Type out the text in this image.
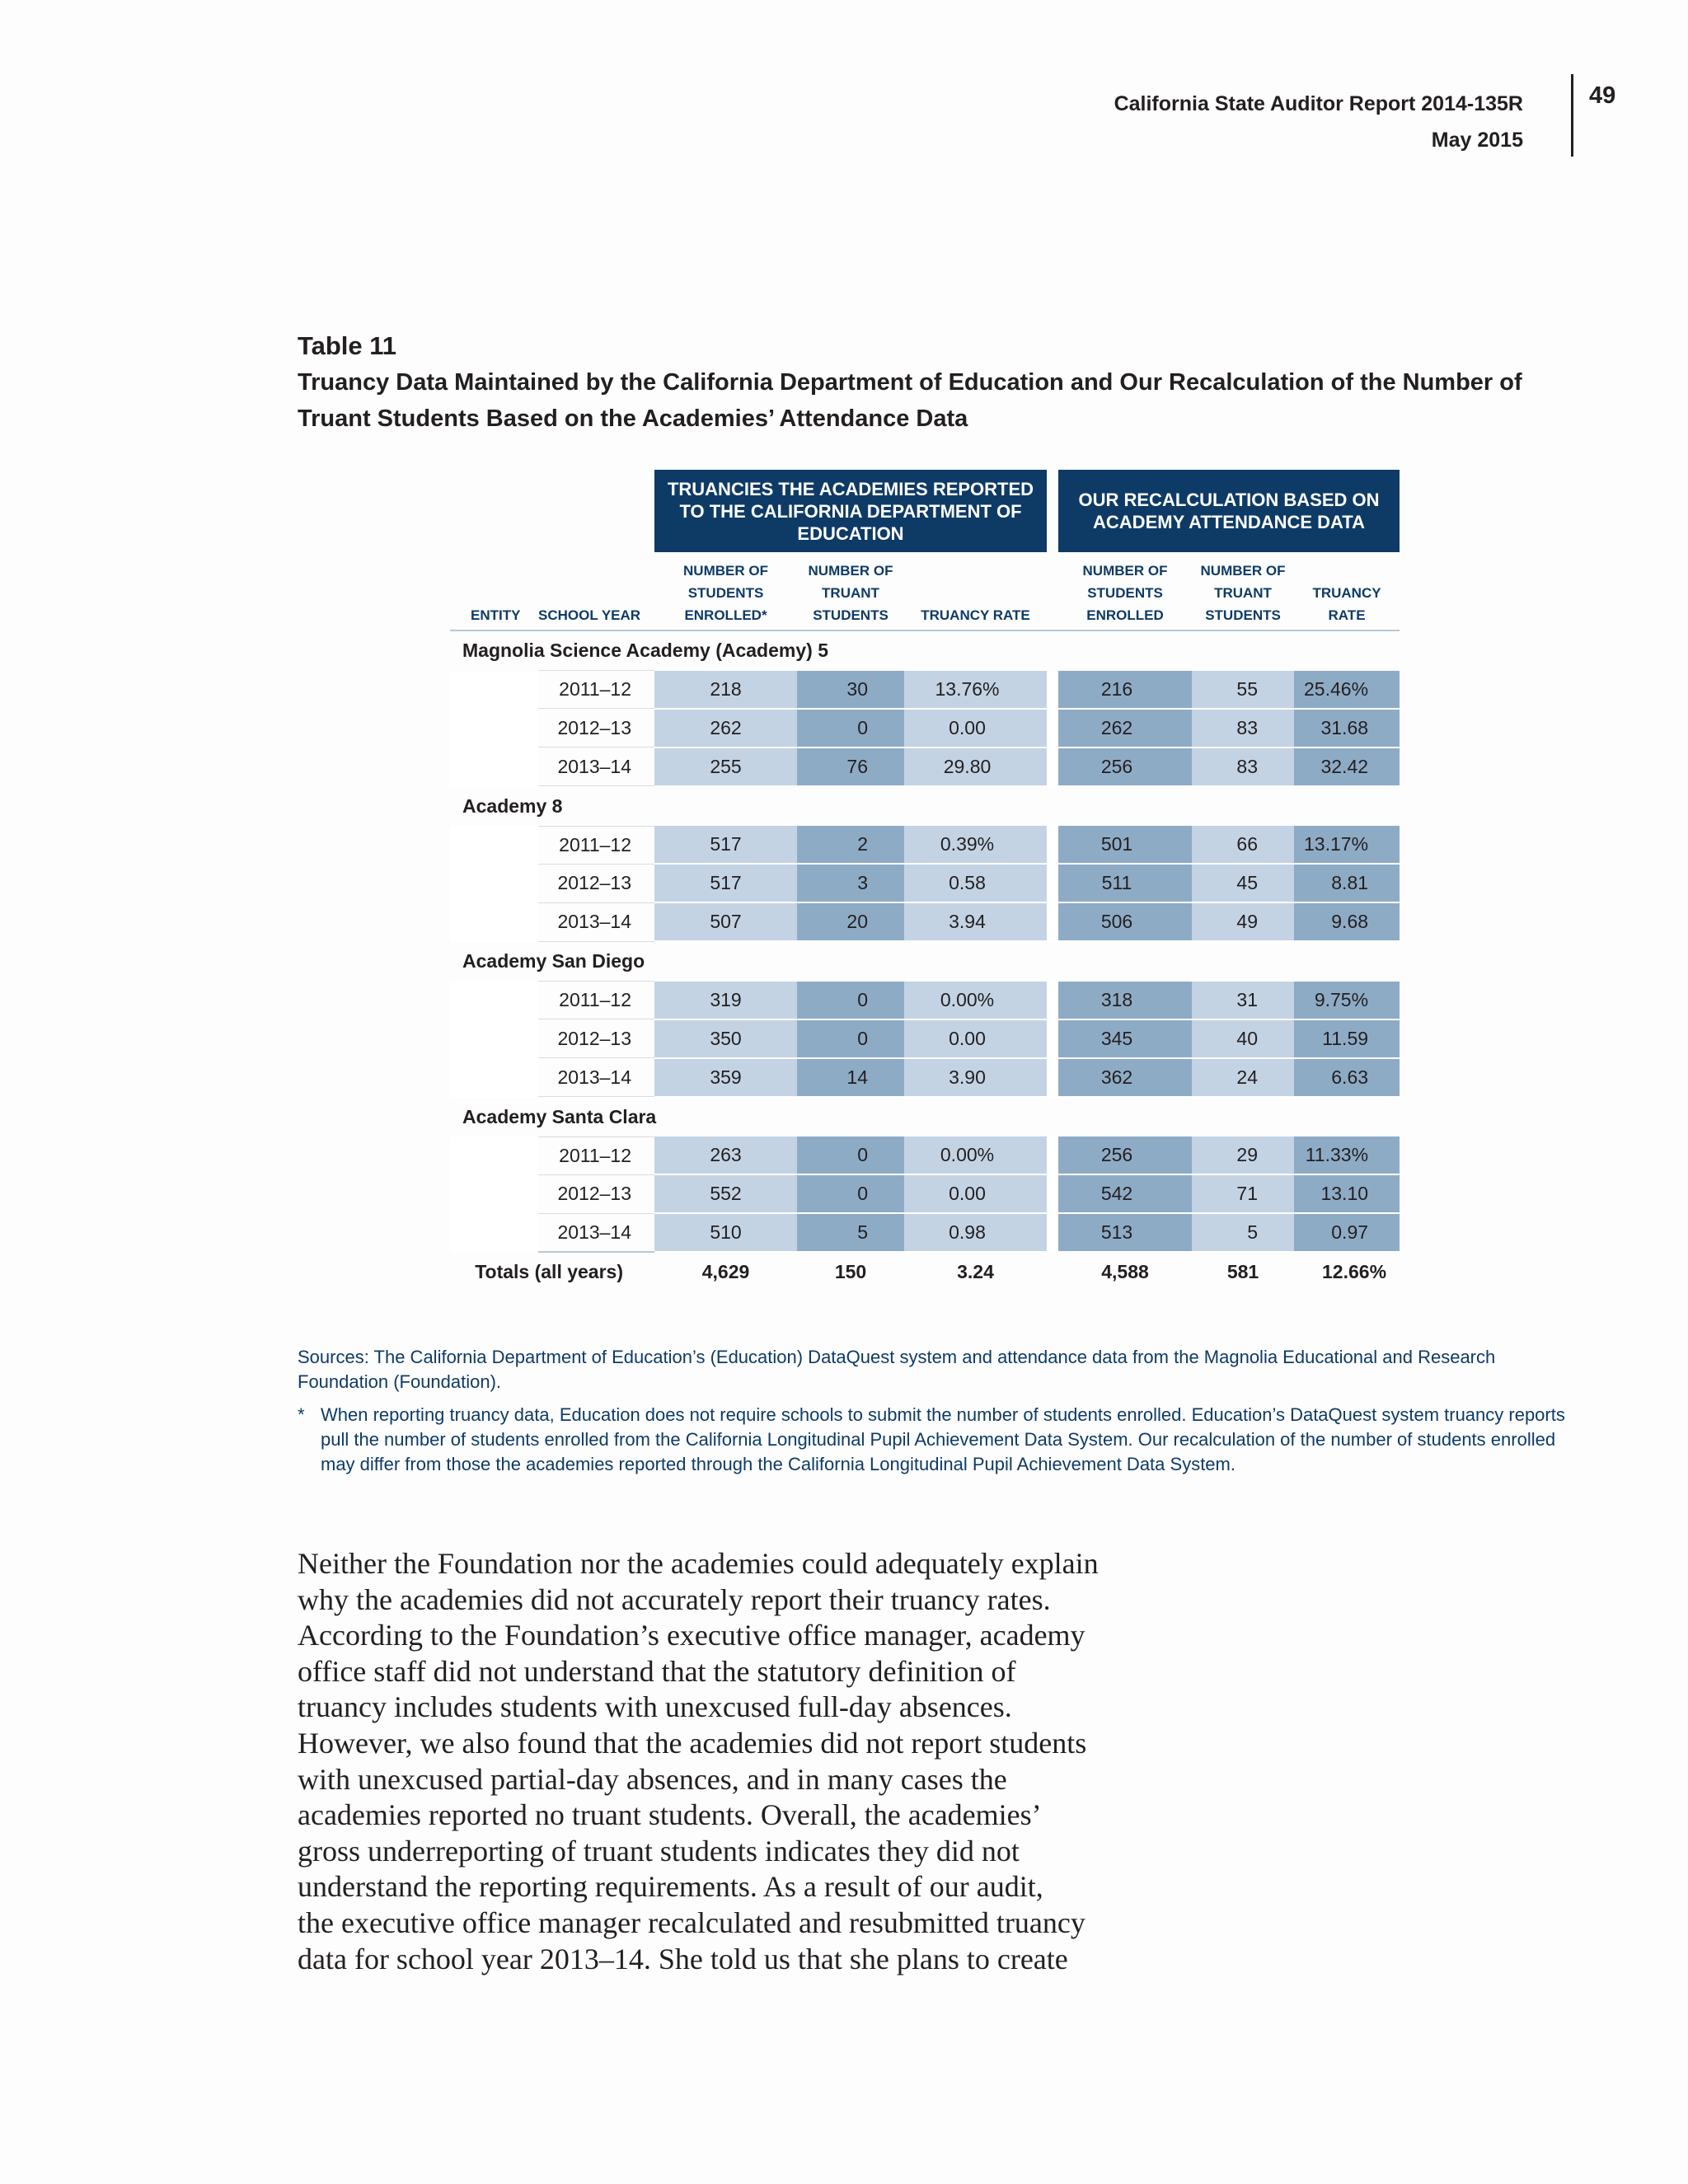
California State Auditor Report 2014-135R
May 2015
49
Table 11
Truancy Data Maintained by the California Department of Education and Our Recalculation of the Number of Truant Students Based on the Academies’ Attendance Data
		TRUANCIES THE ACADEMIES REPORTED TO THE CALIFORNIA DEPARTMENT OF EDUCATION				OUR RECALCULATION BASED ON ACADEMY ATTENDANCE DATA		
ENTITY	SCHOOL YEAR	NUMBER OF STUDENTS ENROLLED*	NUMBER OF TRUANT STUDENTS	TRUANCY RATE		NUMBER OF STUDENTS ENROLLED	NUMBER OF TRUANT STUDENTS	TRUANCY RATE
Magnolia Science Academy (Academy) 5								
	2011–12	218	30	13.76%		216	55	25.46%
	2012–13	262	0	0.00		262	83	31.68
	2013–14	255	76	29.80		256	83	32.42
Academy 8								
	2011–12	517	2	0.39%		501	66	13.17%
	2012–13	517	3	0.58		511	45	8.81
	2013–14	507	20	3.94		506	49	9.68
Academy San Diego								
	2011–12	319	0	0.00%		318	31	9.75%
	2012–13	350	0	0.00		345	40	11.59
	2013–14	359	14	3.90		362	24	6.63
Academy Santa Clara								
	2011–12	263	0	0.00%		256	29	11.33%
	2012–13	552	0	0.00		542	71	13.10
	2013–14	510	5	0.98		513	5	0.97
Totals (all years)		4,629	150	3.24		4,588	581	12.66%
Sources: The California Department of Education’s (Education) DataQuest system and attendance data from the Magnolia Educational and Research Foundation (Foundation).
* When reporting truancy data, Education does not require schools to submit the number of students enrolled. Education’s DataQuest system truancy reports pull the number of students enrolled from the California Longitudinal Pupil Achievement Data System. Our recalculation of the number of students enrolled may differ from those the academies reported through the California Longitudinal Pupil Achievement Data System.
Neither the Foundation nor the academies could adequately explain
why the academies did not accurately report their truancy rates.
According to the Foundation’s executive office manager, academy
office staff did not understand that the statutory definition of
truancy includes students with unexcused full-day absences.
However, we also found that the academies did not report students
with unexcused partial-day absences, and in many cases the
academies reported no truant students. Overall, the academies’
gross underreporting of truant students indicates they did not
understand the reporting requirements. As a result of our audit,
the executive office manager recalculated and resubmitted truancy
data for school year 2013–14. She told us that she plans to create
